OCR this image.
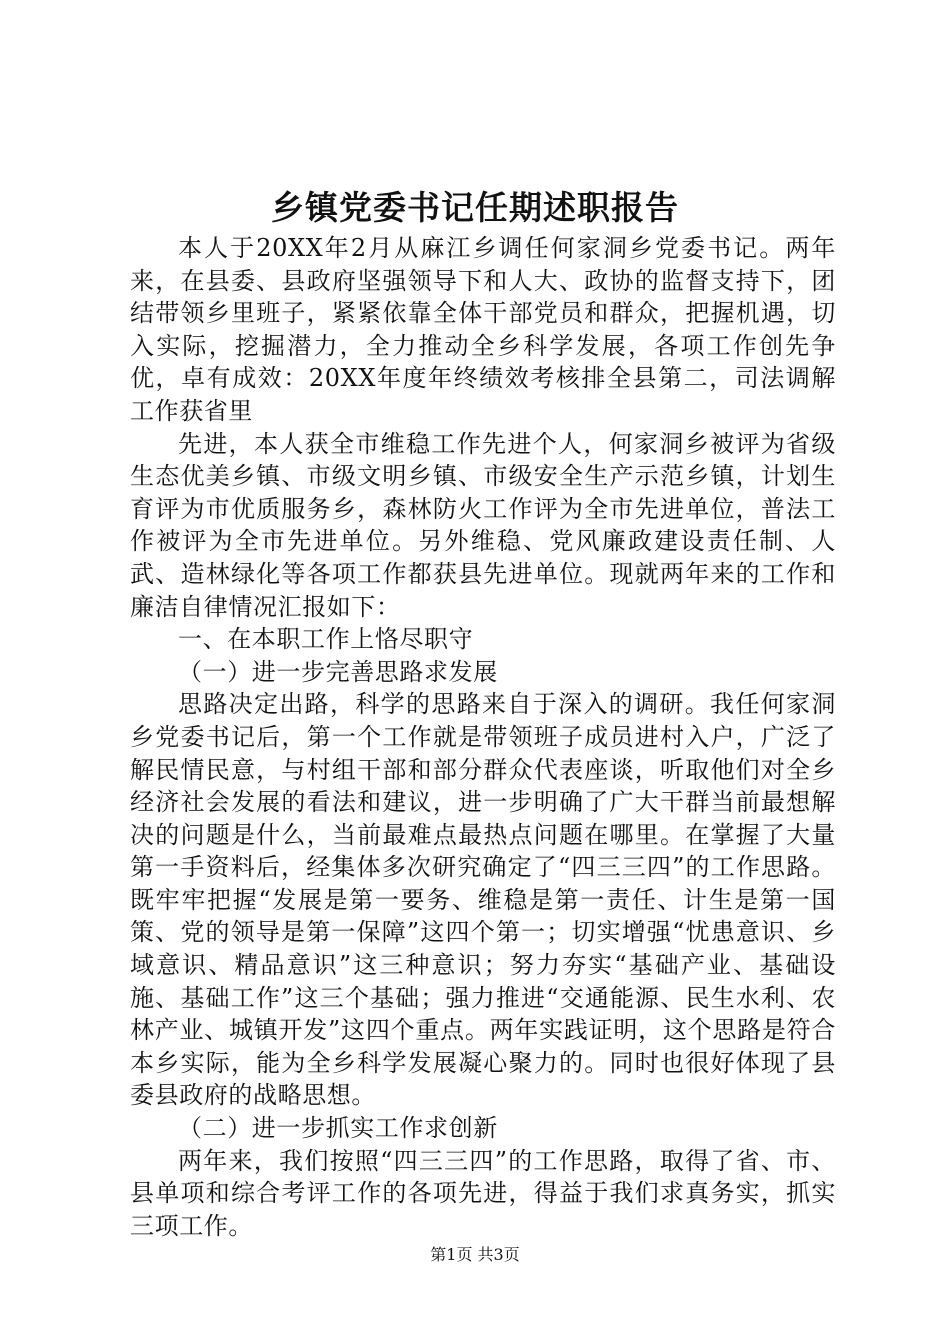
乡镇党委书记任期述职报告

本人于20XX年2月从麻江乡调任何家洞乡党委书记。两年来，在县委、县政府坚强领导下和人大、政协的监督支持下，团结带领乡里班子，紧紧依靠全体干部党员和群众，把握机遇，切入实际，挖掘潜力，全力推动全乡科学发展，各项工作创先争优，卓有成效：20XX年度年终绩效考核排全县第二，司法调解工作获省里

先进，本人获全市维稳工作先进个人，何家洞乡被评为省级生态优美乡镇、市级文明乡镇、市级安全生产示范乡镇，计划生育评为市优质服务乡，森林防火工作评为全市先进单位，普法工作被评为全市先进单位。另外维稳、党风廉政建设责任制、人武、造林绿化等各项工作都获县先进单位。现就两年来的工作和廉洁自律情况汇报如下：

一、在本职工作上恪尽职守

（一）进一步完善思路求发展

思路决定出路，科学的思路来自于深入的调研。我任何家洞乡党委书记后，第一个工作就是带领班子成员进村入户，广泛了解民情民意，与村组干部和部分群众代表座谈，听取他们对全乡经济社会发展的看法和建议，进一步明确了广大干群当前最想解决的问题是什么，当前最难点最热点问题在哪里。在掌握了大量第一手资料后，经集体多次研究确定了“四三三四”的工作思路。既牢牢把握“发展是第一要务、维稳是第一责任、计生是第一国策、党的领导是第一保障”这四个第一；切实增强“忧患意识、乡域意识、精品意识”这三种意识；努力夯实“基础产业、基础设施、基础工作”这三个基础；强力推进“交通能源、民生水利、农林产业、城镇开发”这四个重点。两年实践证明，这个思路是符合本乡实际，能为全乡科学发展凝心聚力的。同时也很好体现了县委县政府的战略思想。

（二）进一步抓实工作求创新

两年来，我们按照“四三三四”的工作思路，取得了省、市、县单项和综合考评工作的各项先进，得益于我们求真务实，抓实三项工作。

第1页 共3页
